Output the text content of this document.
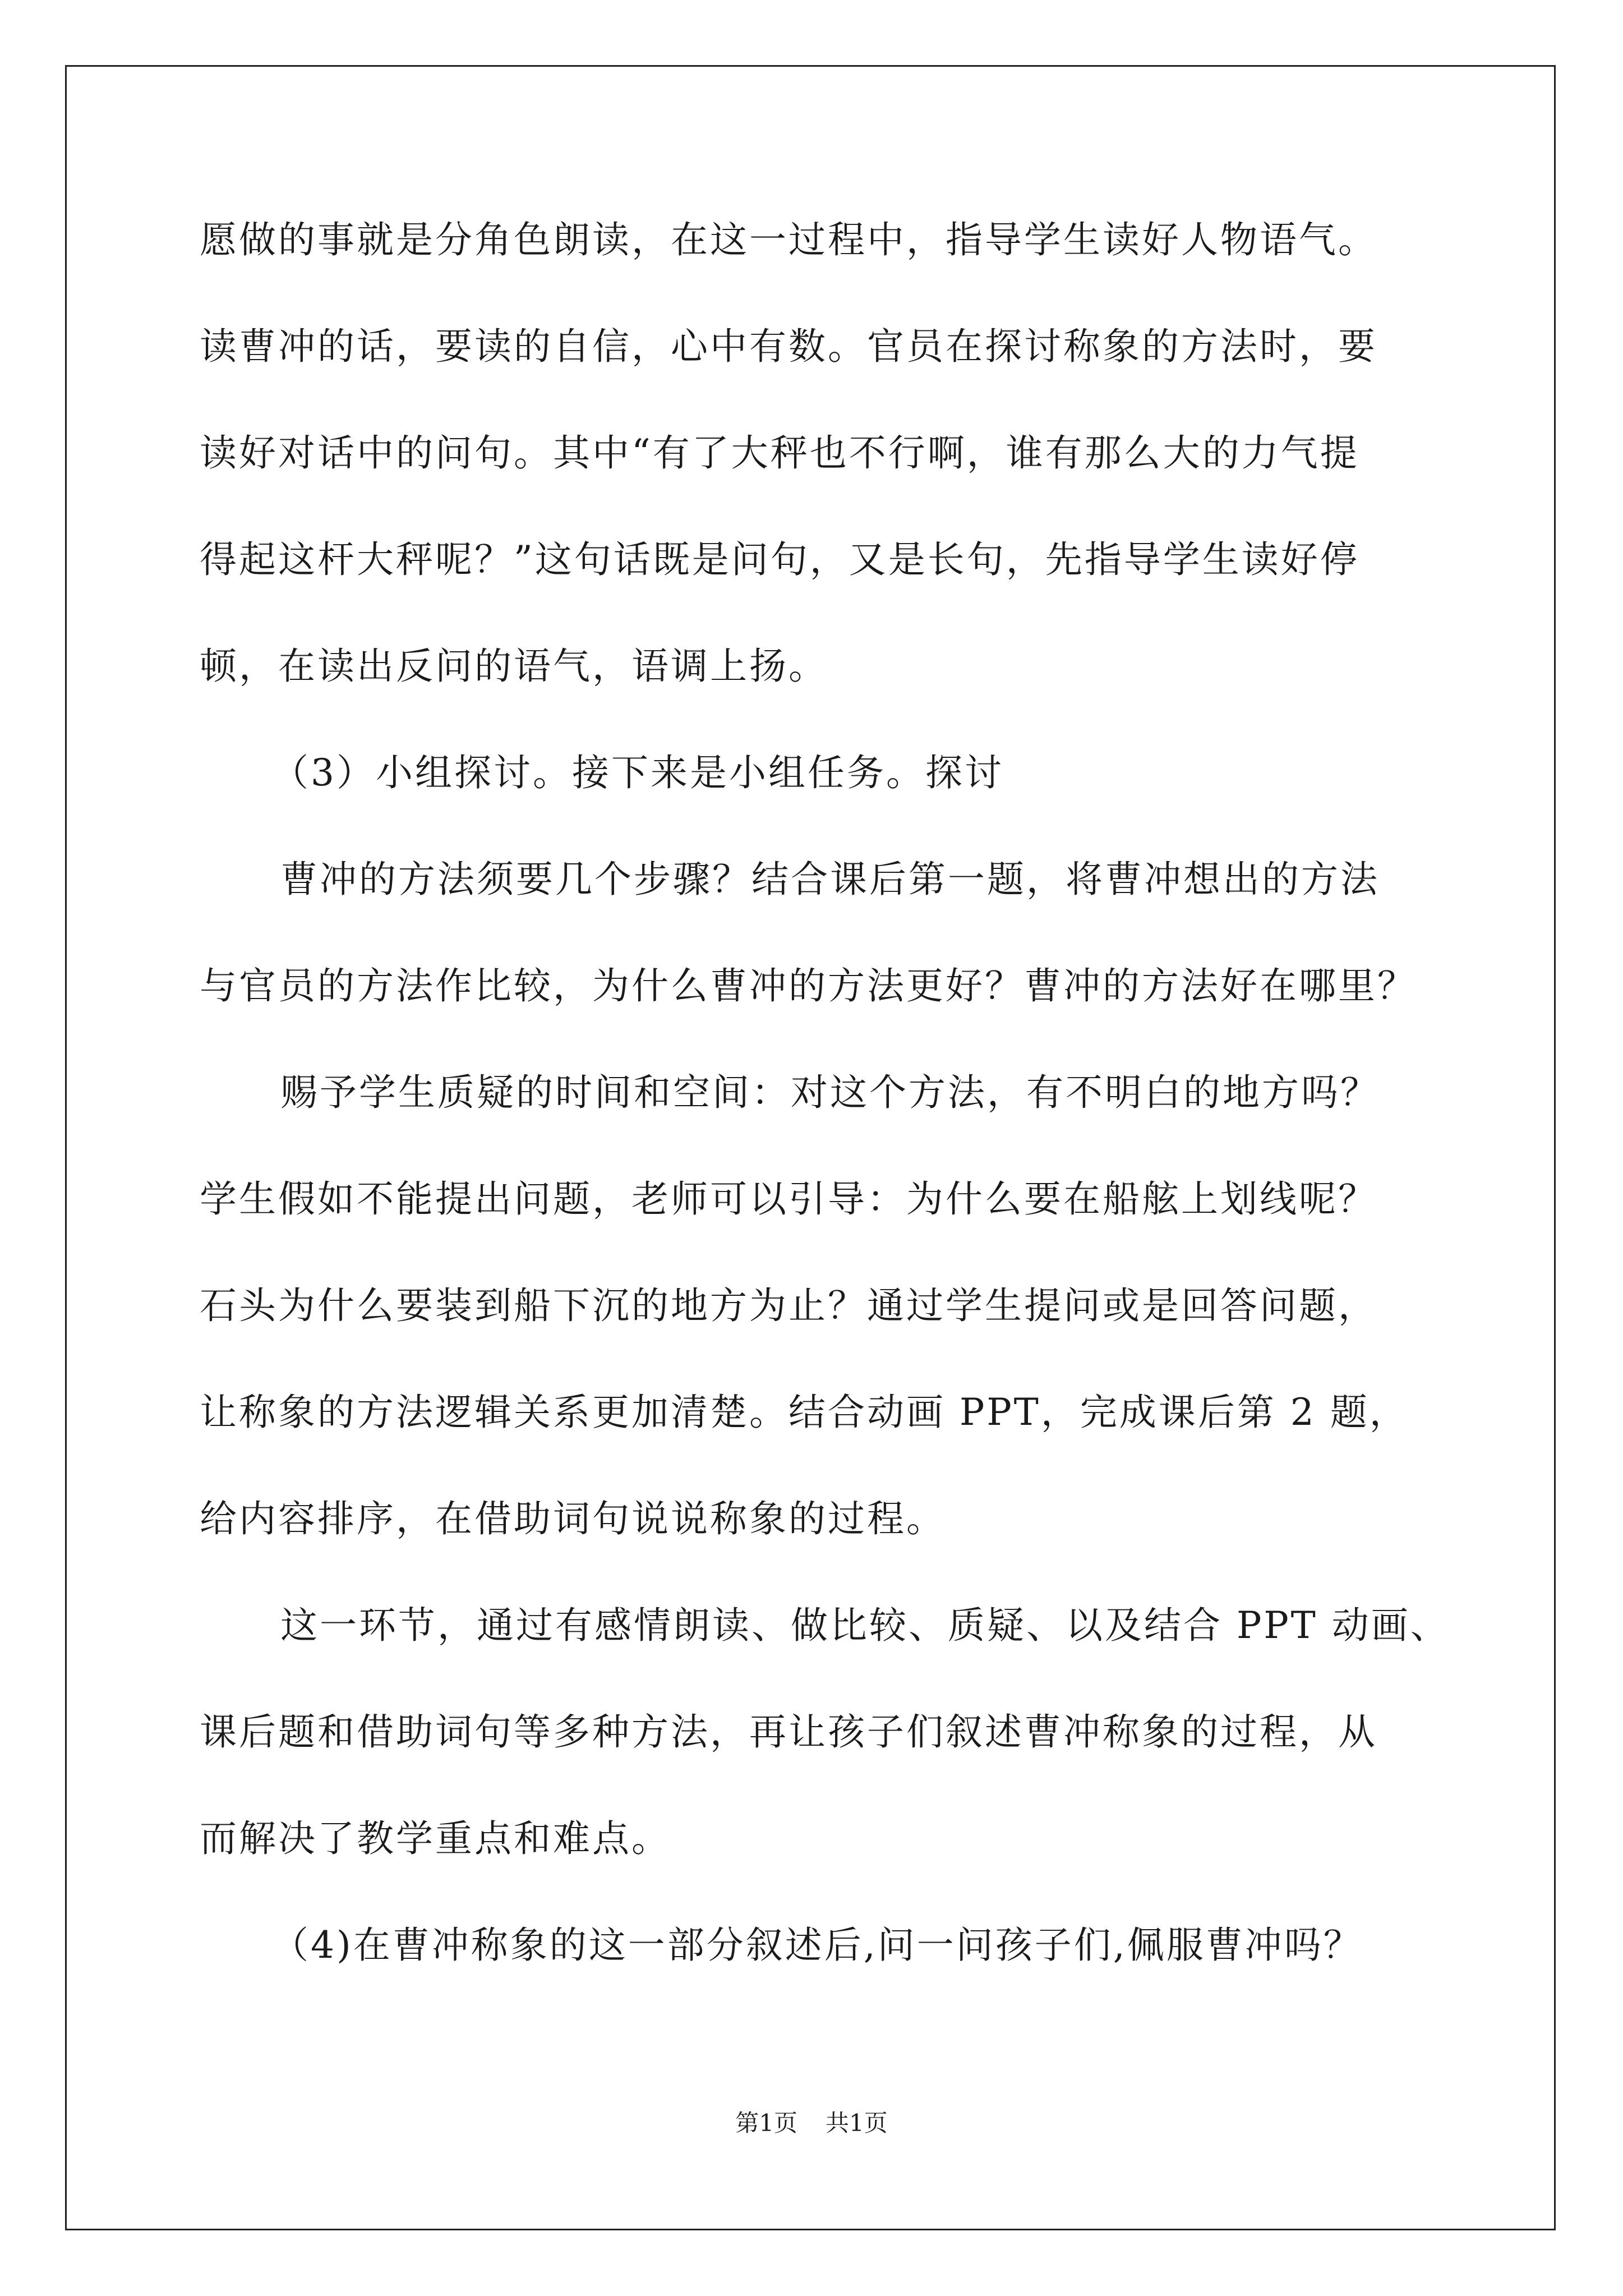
愿做的事就是分角色朗读，在这一过程中，指导学生读好人物语气。
读曹冲的话，要读的自信，心中有数。官员在探讨称象的方法时，要
读好对话中的问句。其中“有了大秤也不行啊，谁有那么大的力气提
得起这杆大秤呢？”这句话既是问句，又是长句，先指导学生读好停
顿，在读出反问的语气，语调上扬。
（3）小组探讨。接下来是小组任务。探讨
曹冲的方法须要几个步骤？结合课后第一题，将曹冲想出的方法
与官员的方法作比较，为什么曹冲的方法更好？曹冲的方法好在哪里？
赐予学生质疑的时间和空间：对这个方法，有不明白的地方吗？
学生假如不能提出问题，老师可以引导：为什么要在船舷上划线呢？
石头为什么要装到船下沉的地方为止？通过学生提问或是回答问题，
让称象的方法逻辑关系更加清楚。结合动画 PPT，完成课后第 2 题，
给内容排序，在借助词句说说称象的过程。
这一环节，通过有感情朗读、做比较、质疑、以及结合 PPT 动画、
课后题和借助词句等多种方法，再让孩子们叙述曹冲称象的过程，从
而解决了教学重点和难点。
（4)在曹冲称象的这一部分叙述后,问一问孩子们,佩服曹冲吗？
第1页 共1页
